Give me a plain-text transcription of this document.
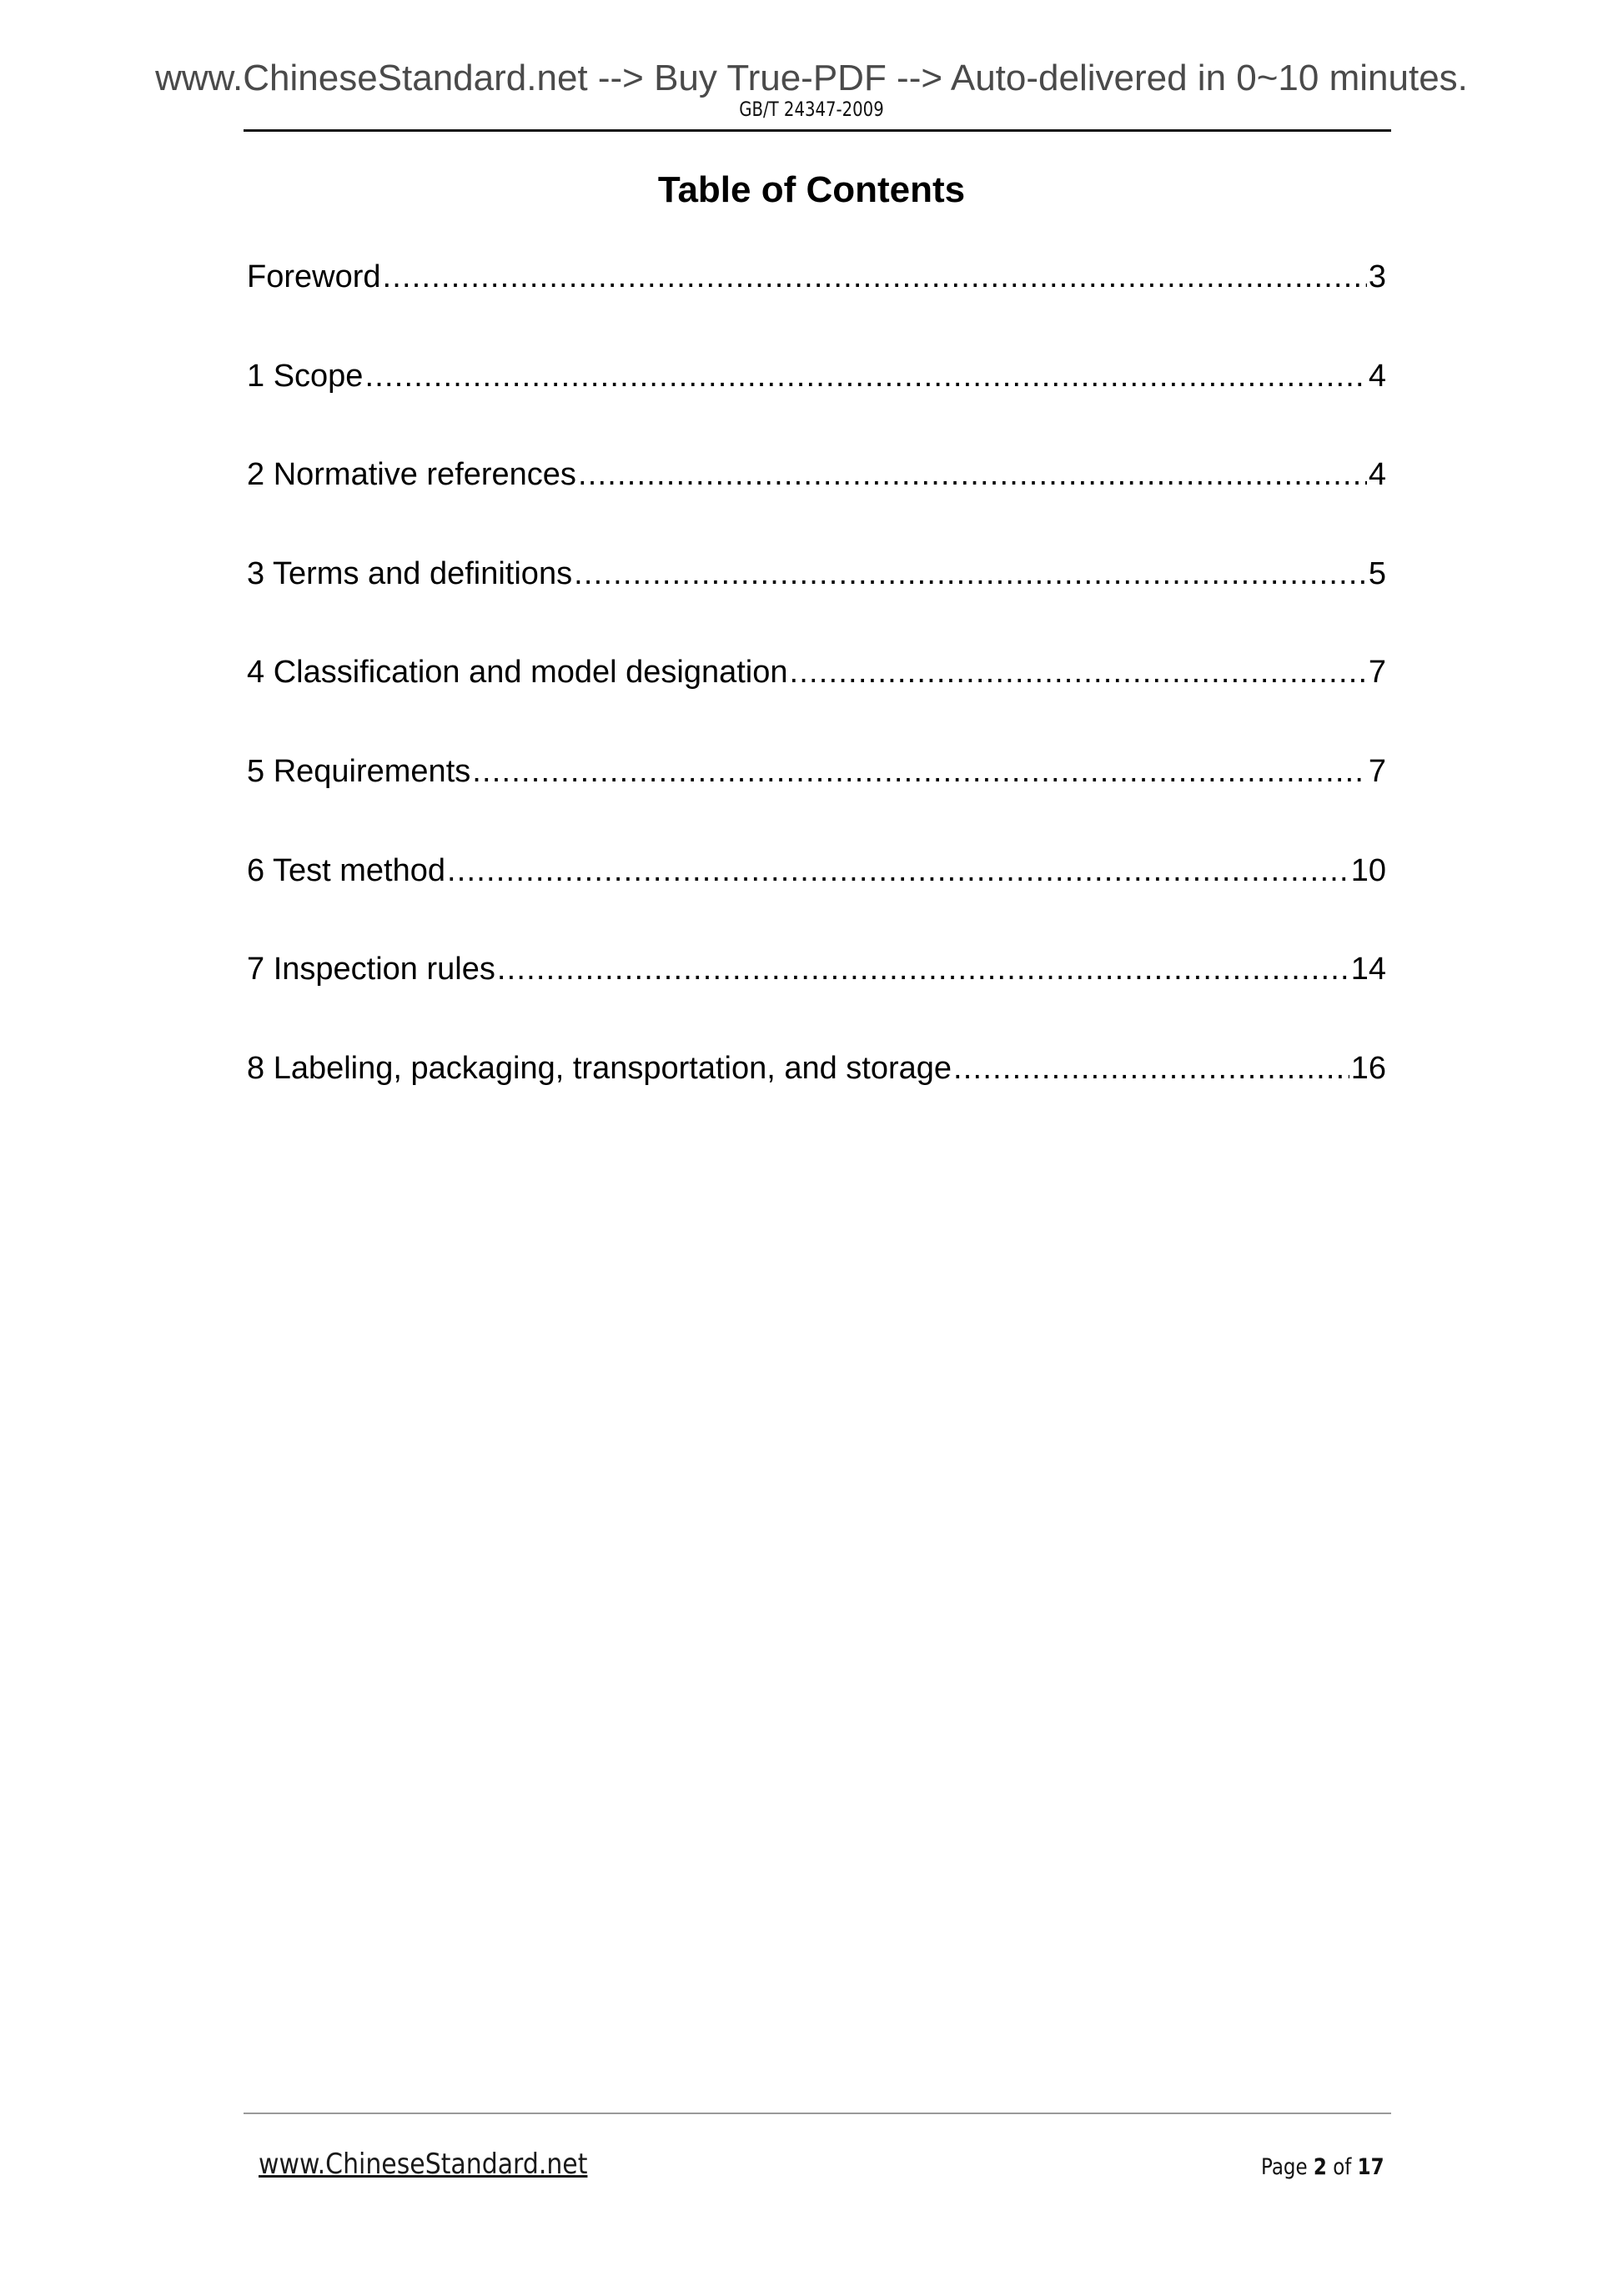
www.ChineseStandard.net --> Buy True-PDF --> Auto-delivered in 0~10 minutes.
GB/T 24347-2009
Table of Contents
Foreword .....	3
1 Scope .....	4
2 Normative references .....	4
3 Terms and definitions .....	5
4 Classification and model designation .....	7
5 Requirements .....	7
6 Test method .....	10
7 Inspection rules .....	14
8 Labeling, packaging, transportation, and storage .....	16
www.ChineseStandard.net	Page 2 of 17
